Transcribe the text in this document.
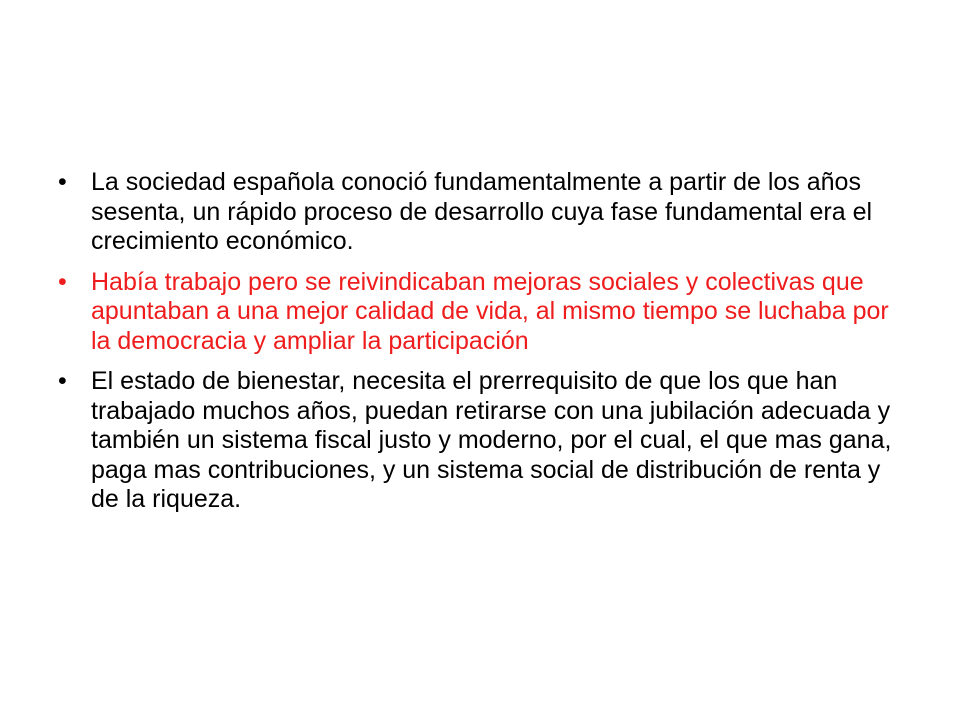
• La sociedad española conoció fundamentalmente a partir de los años sesenta, un rápido proceso de desarrollo cuya fase fundamental era el crecimiento económico.
• Había trabajo pero se reivindicaban mejoras sociales y colectivas que apuntaban a una mejor calidad de vida, al mismo tiempo se luchaba por la democracia y ampliar la participación
• El estado de bienestar, necesita el prerrequisito de que los que han trabajado muchos años, puedan retirarse con una jubilación adecuada y también un sistema fiscal justo y moderno, por el cual, el que mas gana, paga mas contribuciones, y un sistema social de distribución de renta y de la riqueza.
